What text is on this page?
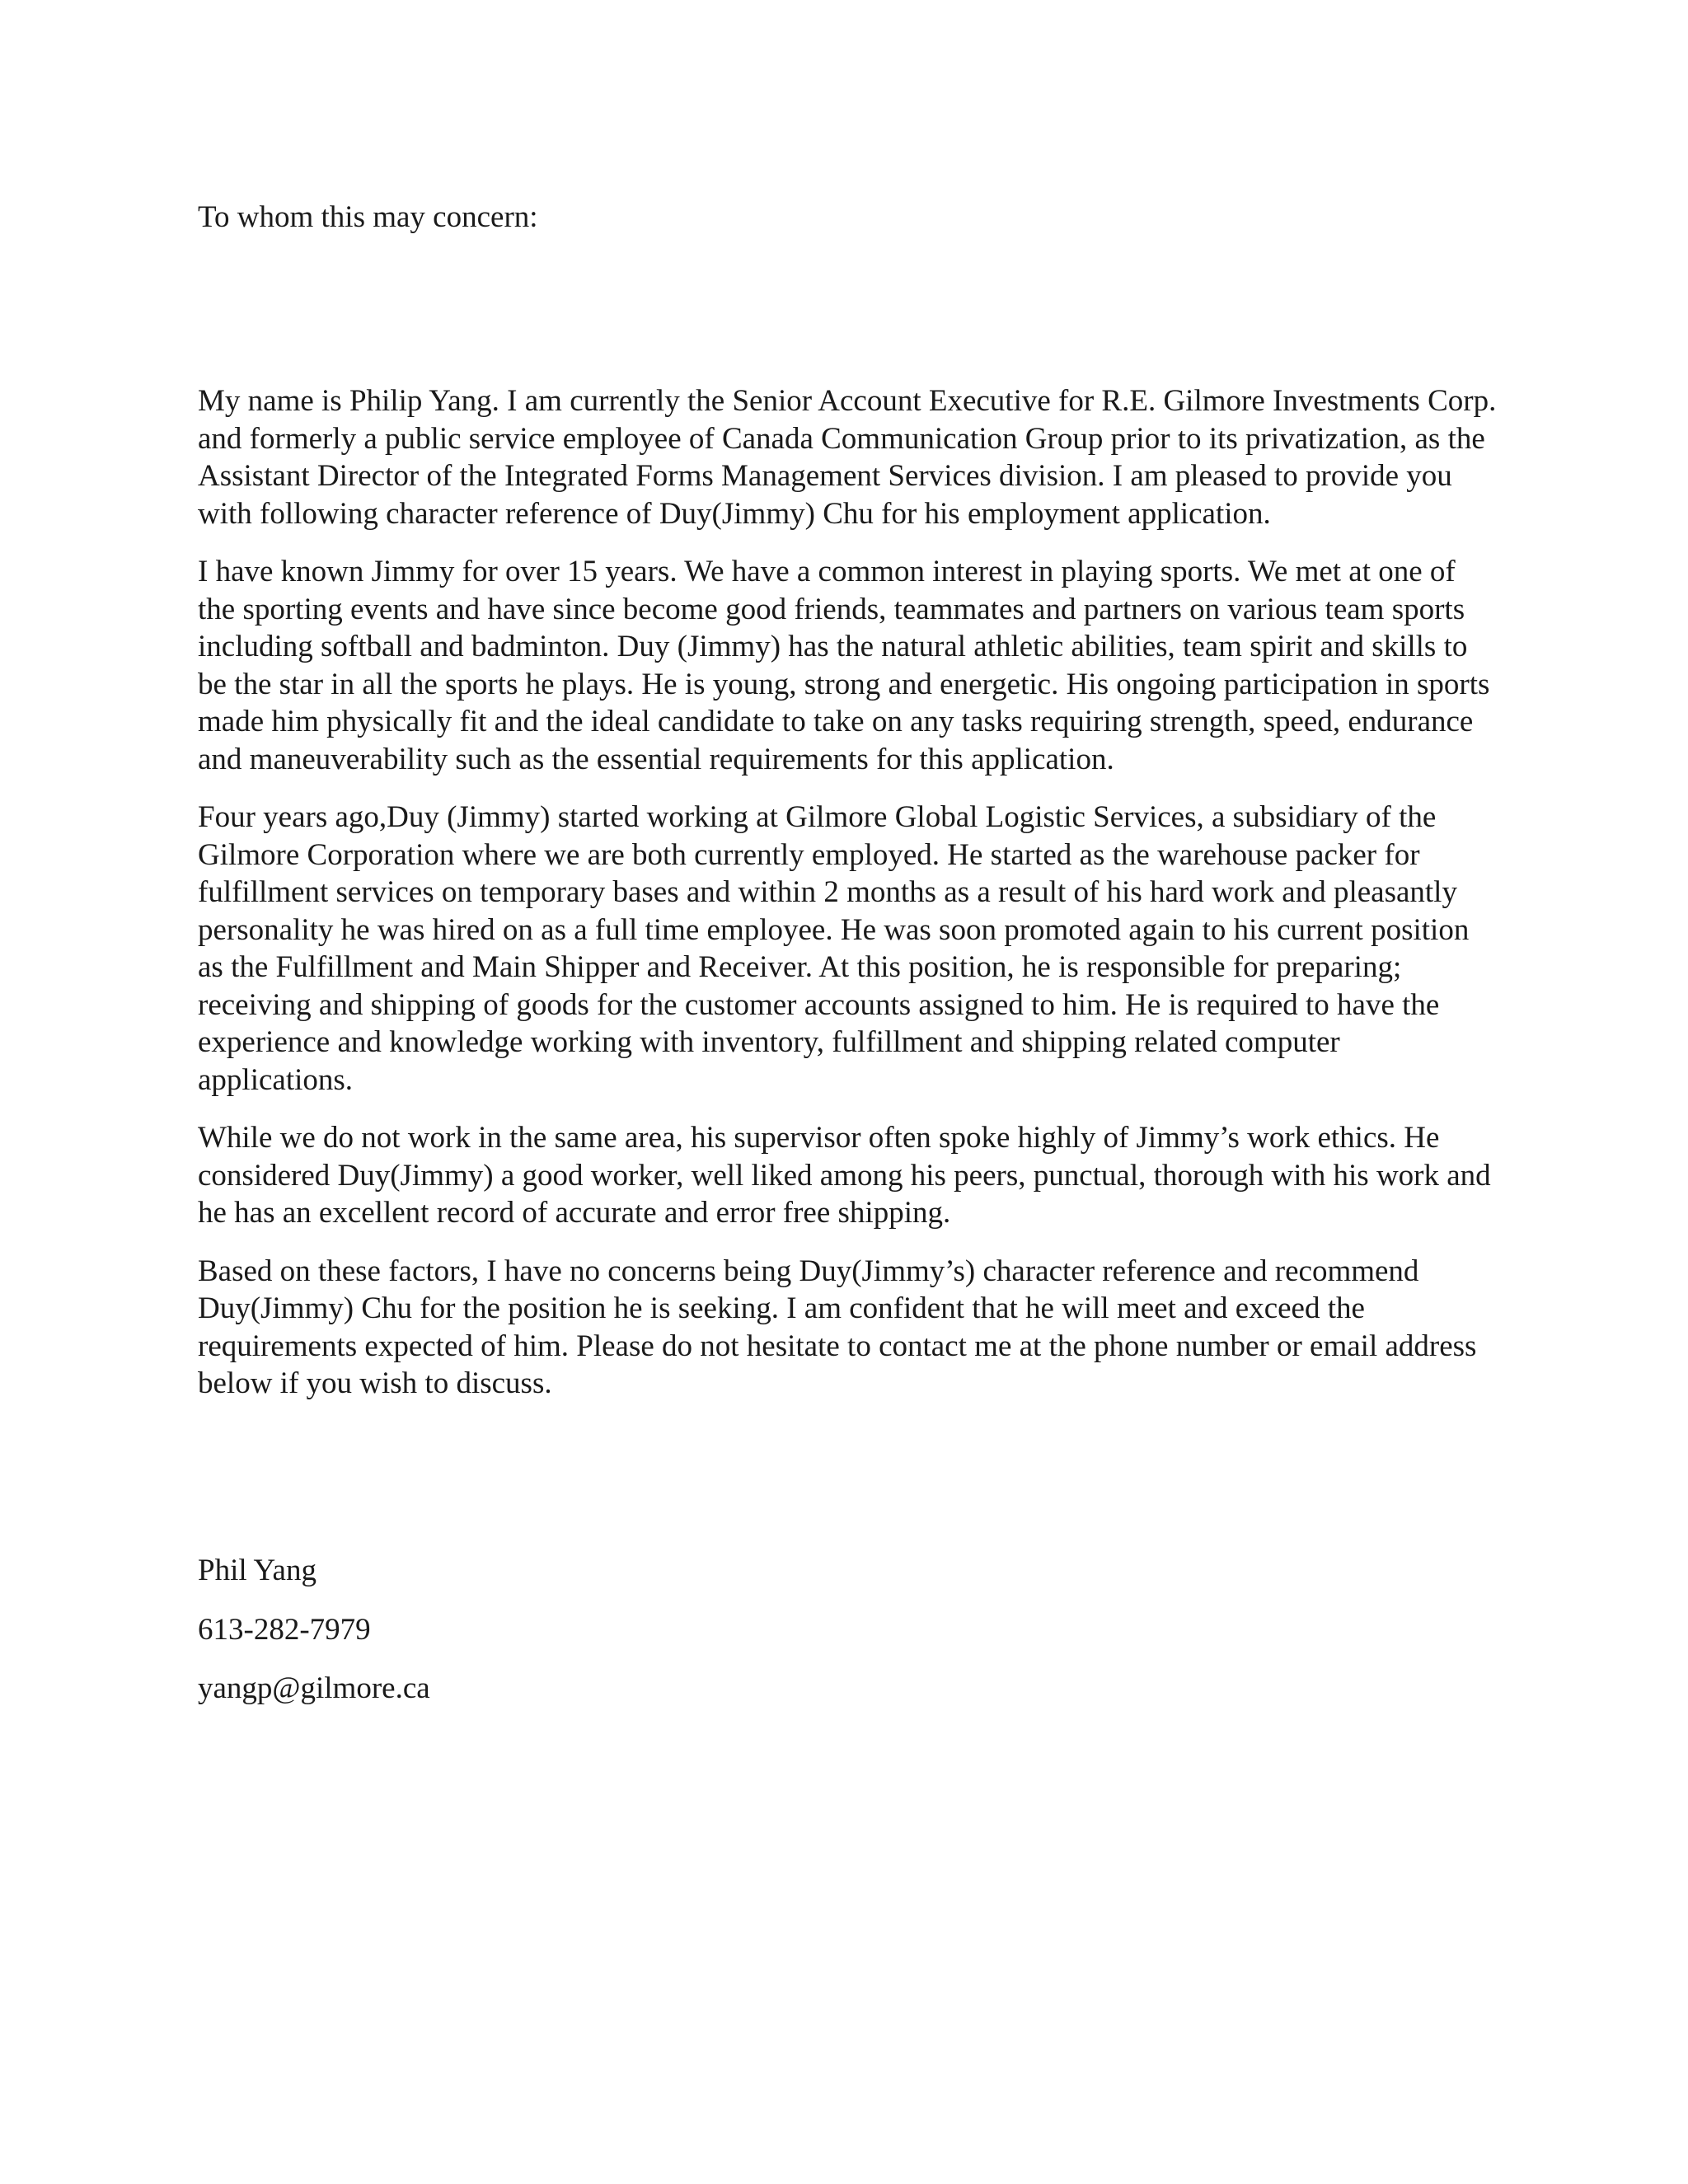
To whom this may concern:

My name is Philip Yang. I am currently the Senior Account Executive for R.E. Gilmore Investments Corp. and formerly a public service employee of Canada Communication Group prior to its privatization, as the Assistant Director of the Integrated Forms Management Services division. I am pleased to provide you with following character reference of Duy(Jimmy) Chu for his employment application.

I have known Jimmy for over 15 years. We have a common interest in playing sports. We met at one of the sporting events and have since become good friends, teammates and partners on various team sports including softball and badminton. Duy (Jimmy) has the natural athletic abilities, team spirit and skills to be the star in all the sports he plays. He is young, strong and energetic. His ongoing participation in sports made him physically fit and the ideal candidate to take on any tasks requiring strength, speed, endurance and maneuverability such as the essential requirements for this application.

Four years ago,Duy (Jimmy) started working at Gilmore Global Logistic Services, a subsidiary of the Gilmore Corporation where we are both currently employed. He started as the warehouse packer for fulfillment services on temporary bases and within 2 months as a result of his hard work and pleasantly personality he was hired on as a full time employee. He was soon promoted again to his current position as the Fulfillment and Main Shipper and Receiver. At this position, he is responsible for preparing; receiving and shipping of goods for the customer accounts assigned to him. He is required to have the experience and knowledge working with inventory, fulfillment and shipping related computer applications.

While we do not work in the same area, his supervisor often spoke highly of Jimmy’s work ethics. He considered Duy(Jimmy) a good worker, well liked among his peers, punctual, thorough with his work and he has an excellent record of accurate and error free shipping.

Based on these factors, I have no concerns being Duy(Jimmy’s) character reference and recommend Duy(Jimmy) Chu for the position he is seeking. I am confident that he will meet and exceed the requirements expected of him. Please do not hesitate to contact me at the phone number or email address below if you wish to discuss.

Phil Yang

613-282-7979

yangp@gilmore.ca
